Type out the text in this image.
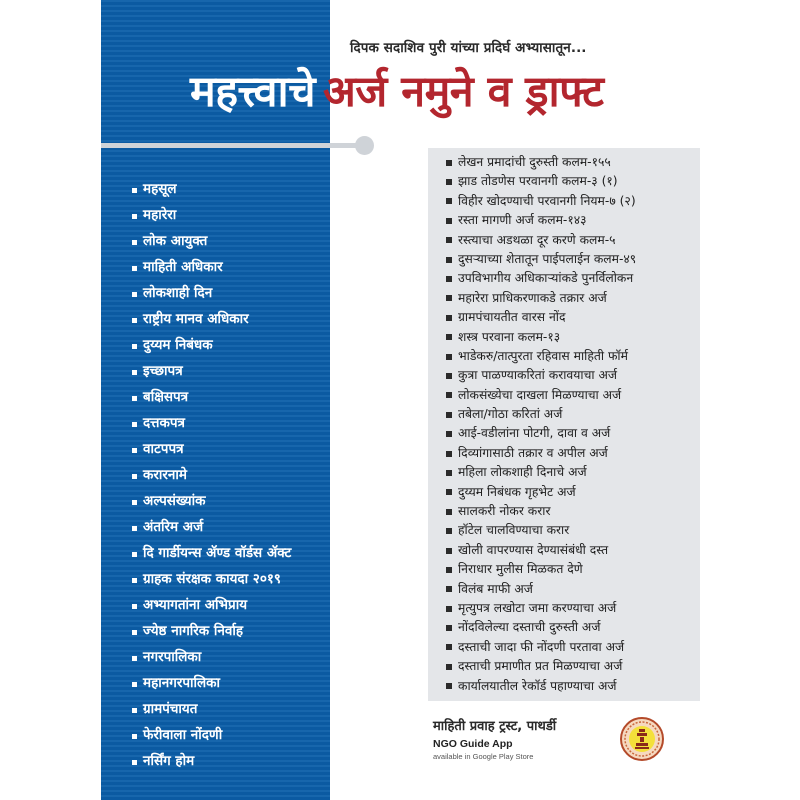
दिपक सदाशिव पुरी यांच्या प्रदिर्घ अभ्यासातून...
महत्त्वाचे अर्ज नमुने व ड्राफ्ट
महसूल
महारेरा
लोक आयुक्त
माहिती अधिकार
लोकशाही दिन
राष्ट्रीय मानव अधिकार
दुय्यम निबंधक
इच्छापत्र
बक्षिसपत्र
दत्तकपत्र
वाटपपत्र
करारनामे
अल्पसंख्यांक
अंतरिम अर्ज
दि गार्डीयन्स ॲण्ड वॉर्डस ॲक्ट
ग्राहक संरक्षक कायदा २०१९
अभ्यागतांना अभिप्राय
ज्येष्ठ नागरिक निर्वाह
नगरपालिका
महानगरपालिका
ग्रामपंचायत
फेरीवाला नोंदणी
नर्सिंग होम
लेखन प्रमादांची दुरुस्ती कलम-१५५
झाड तोडणेस परवानगी कलम-३ (१)
विहीर खोदण्याची परवानगी नियम-७ (२)
रस्ता मागणी अर्ज कलम-१४३
रस्त्याचा अडथळा दूर करणे कलम-५
दुसऱ्याच्या शेतातून पाईपलाईन कलम-४९
उपविभागीय अधिकाऱ्यांकडे पुनर्विलोकन
महारेरा प्राधिकरणाकडे तक्रार अर्ज
ग्रामपंचायतीत वारस नोंद
शस्त्र परवाना कलम-१३
भाडेकरु/तात्पुरता रहिवास माहिती फॉर्म
कुत्रा पाळण्याकरितां करावयाचा अर्ज
लोकसंख्येचा दाखला मिळण्याचा अर्ज
तबेला/गोठा करितां अर्ज
आई-वडीलांना पोटगी, दावा व अर्ज
दिव्यांगासाठी तक्रार व अपील अर्ज
महिला लोकशाही दिनाचे अर्ज
दुय्यम निबंधक गृहभेट अर्ज
सालकरी नोकर करार
हॉटेल चालविण्याचा करार
खोली वापरण्यास देण्यासंबंधी दस्त
निराधार मुलीस मिळकत देणे
विलंब माफी अर्ज
मृत्युपत्र लखोटा जमा करण्याचा अर्ज
नोंदविलेल्या दस्ताची दुरुस्ती अर्ज
दस्ताची जादा फी नोंदणी परतावा अर्ज
दस्ताची प्रमाणीत प्रत मिळण्याचा अर्ज
कार्यालयातील रेकॉर्ड पहाण्याचा अर्ज
माहिती प्रवाह ट्रस्ट, पाथर्डी
NGO Guide App
available in Google Play Store
